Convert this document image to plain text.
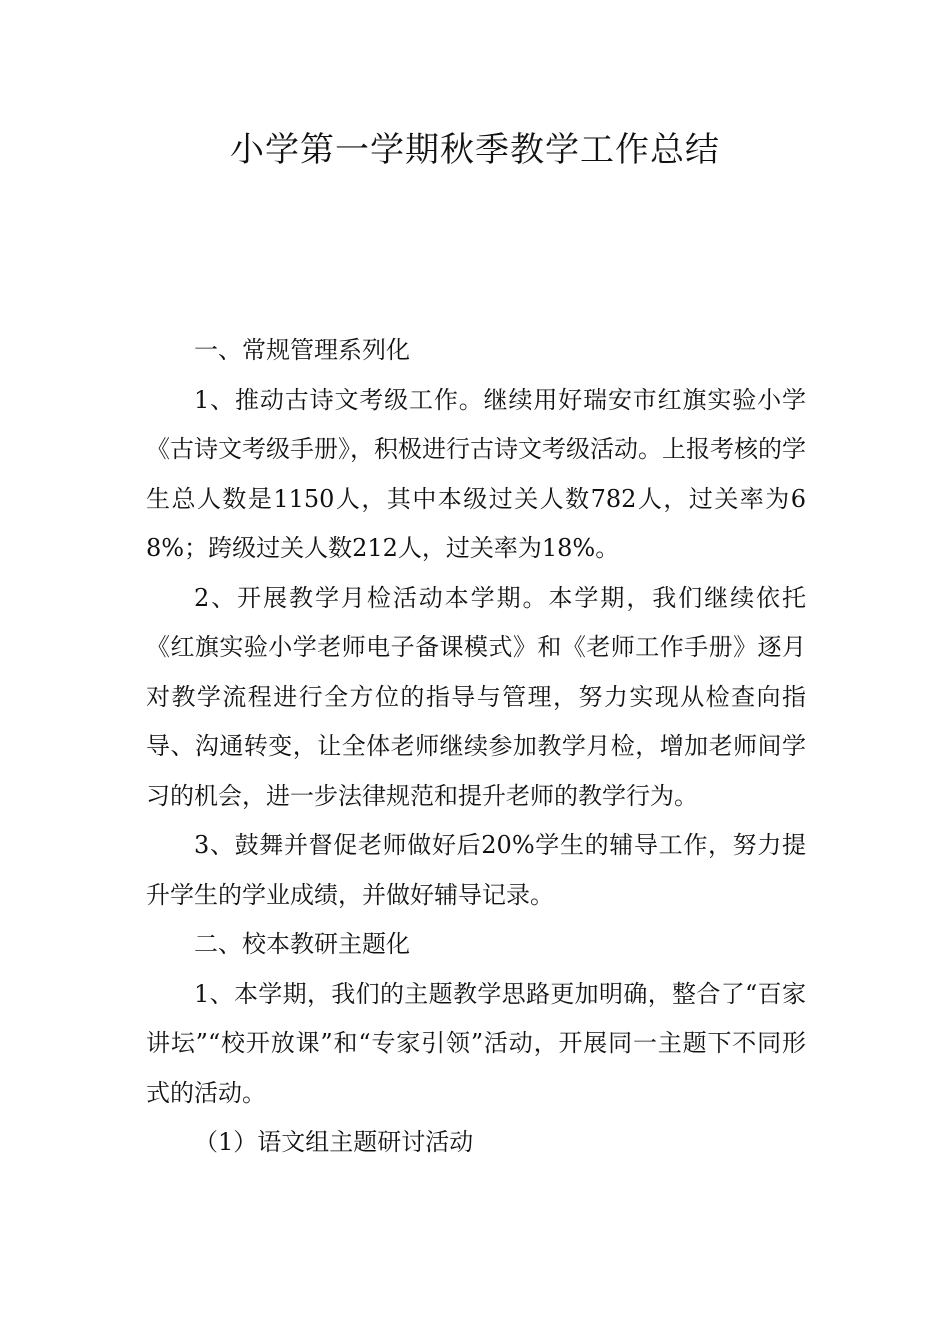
小学第一学期秋季教学工作总结

一、常规管理系列化

1、推动古诗文考级工作。继续用好瑞安市红旗实验小学《古诗文考级手册》，积极进行古诗文考级活动。上报考核的学生总人数是1150人，其中本级过关人数782人，过关率为68%；跨级过关人数212人，过关率为18%。

2、开展教学月检活动本学期。本学期，我们继续依托《红旗实验小学老师电子备课模式》和《老师工作手册》逐月对教学流程进行全方位的指导与管理，努力实现从检查向指导、沟通转变，让全体老师继续参加教学月检，增加老师间学习的机会，进一步法律规范和提升老师的教学行为。

3、鼓舞并督促老师做好后20%学生的辅导工作，努力提升学生的学业成绩，并做好辅导记录。

二、校本教研主题化

1、本学期，我们的主题教学思路更加明确，整合了“百家讲坛”“校开放课”和“专家引领”活动，开展同一主题下不同形式的活动。

（1）语文组主题研讨活动
